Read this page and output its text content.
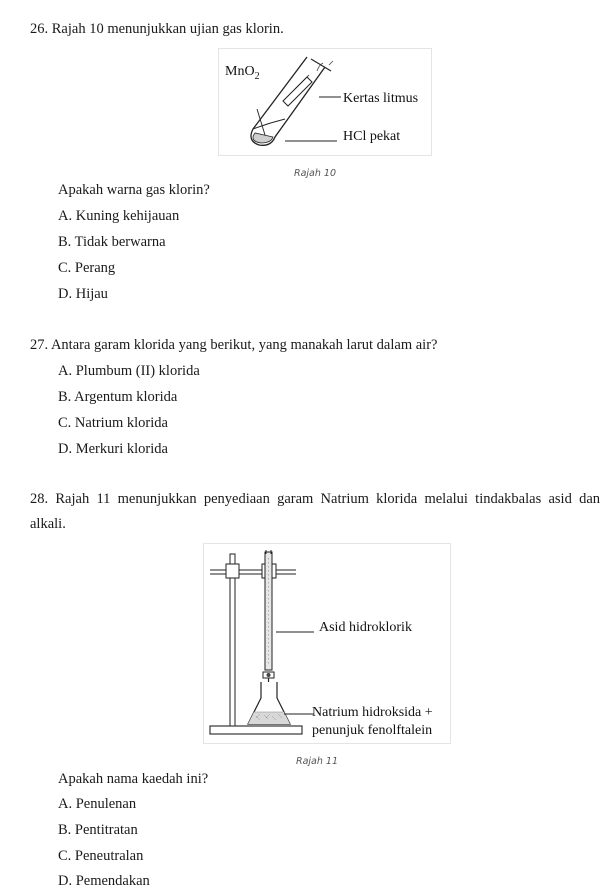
26. Rajah 10 menunjukkan ujian gas klorin.
MnO$_2$
Kertas litmus
HCl pekat
Rajah 10
Apakah warna gas klorin?
A. Kuning kehijauan
B. Tidak berwarna
C. Perang
D. Hijau
27. Antara garam klorida yang berikut, yang manakah larut dalam air?
A. Plumbum (II) klorida
B. Argentum klorida
C. Natrium klorida
D. Merkuri klorida
28. Rajah 11 menunjukkan penyediaan garam Natrium klorida melalui tindakbalas asid dan
alkali.
Asid hidroklorik
Natrium hidroksida +
penunjuk fenolftalein
Rajah 11
Apakah nama kaedah ini?
A. Penulenan
B. Pentitratan
C. Peneutralan
D. Pemendakan
